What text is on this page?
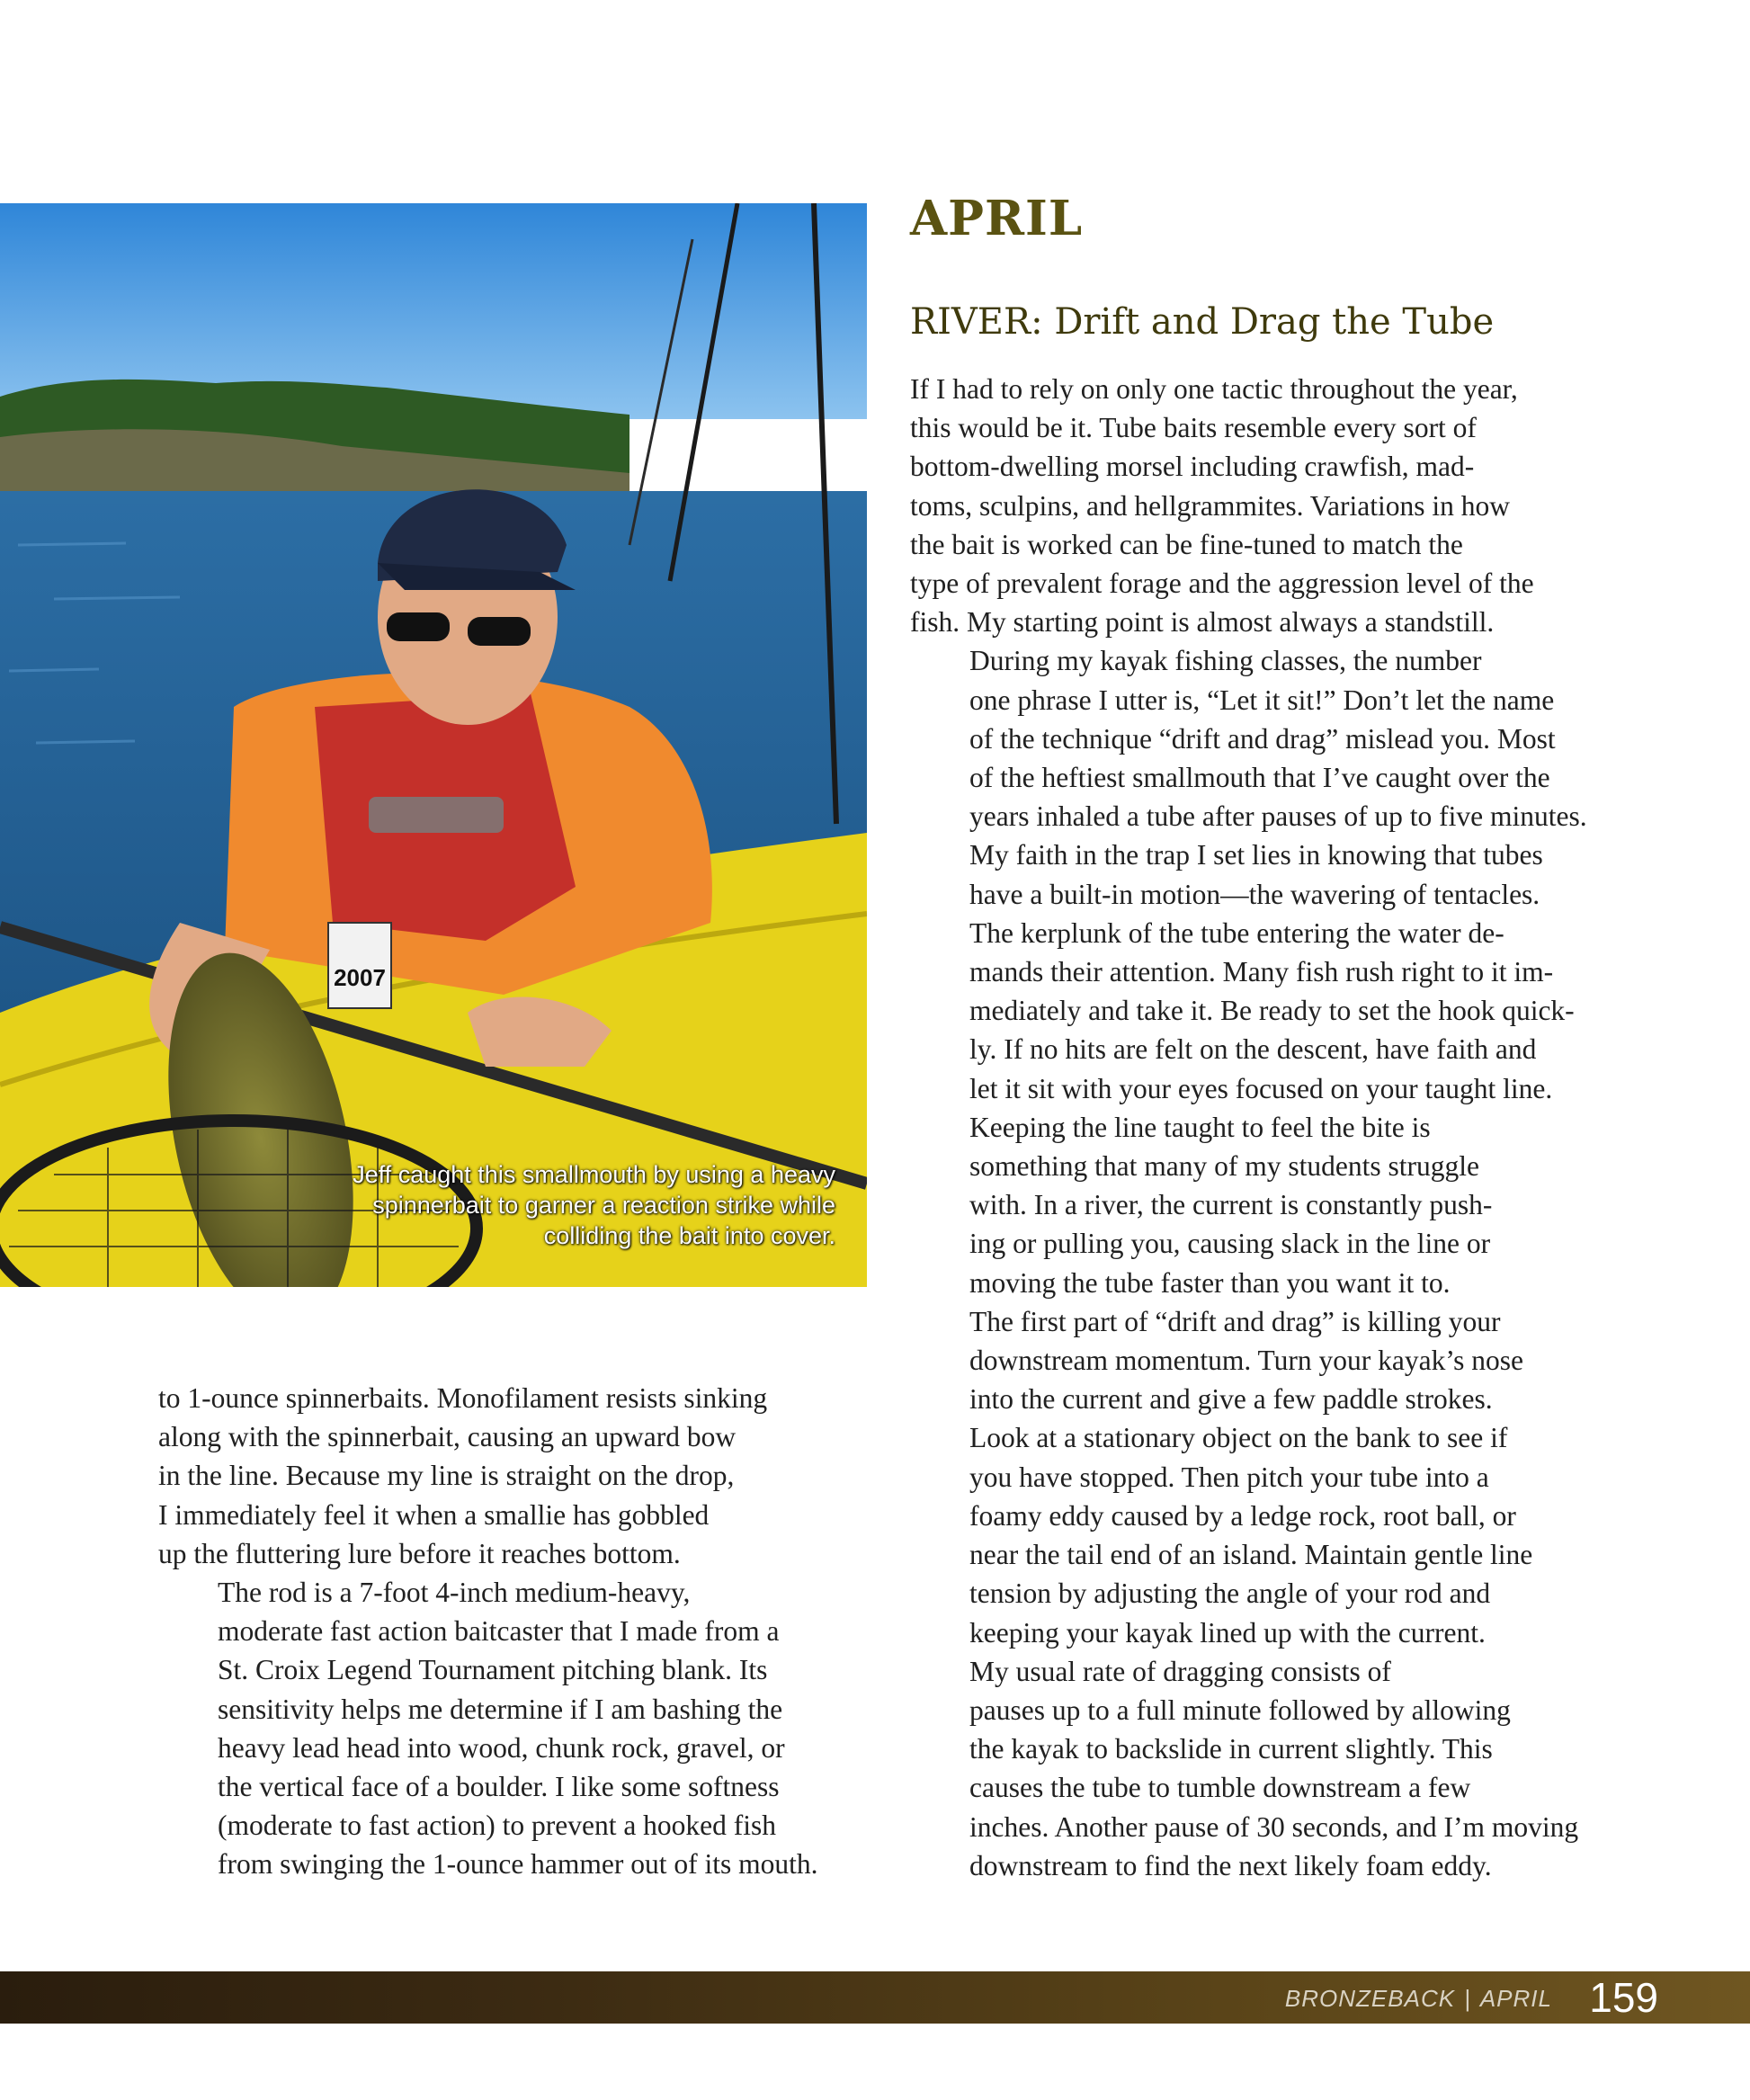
2007
Jeff caught this smallmouth by using a heavy
spinnerbait to garner a reaction strike while
colliding the bait into cover.
APRIL
RIVER: Drift and Drag the Tube

to 1-ounce spinnerbaits. Monofilament resists sinking
along with the spinnerbait, causing an upward bow
in the line. Because my line is straight on the drop,
I immediately feel it when a smallie has gobbled
up the fluttering lure before it reaches bottom.

The rod is a 7-foot 4-inch medium-heavy,
moderate fast action baitcaster that I made from a
St. Croix Legend Tournament pitching blank. Its
sensitivity helps me determine if I am bashing the
heavy lead head into wood, chunk rock, gravel, or
the vertical face of a boulder. I like some softness
(moderate to fast action) to prevent a hooked fish
from swinging the 1-ounce hammer out of its mouth.

If I had to rely on only one tactic throughout the year,
this would be it. Tube baits resemble every sort of
bottom-dwelling morsel including crawfish, mad-
toms, sculpins, and hellgrammites. Variations in how
the bait is worked can be fine-tuned to match the
type of prevalent forage and the aggression level of the
fish. My starting point is almost always a standstill.

During my kayak fishing classes, the number
one phrase I utter is, “Let it sit!” Don’t let the name
of the technique “drift and drag” mislead you. Most
of the heftiest smallmouth that I’ve caught over the
years inhaled a tube after pauses of up to five minutes.
My faith in the trap I set lies in knowing that tubes
have a built-in motion—the wavering of tentacles.

The kerplunk of the tube entering the water de-
mands their attention. Many fish rush right to it im-
mediately and take it. Be ready to set the hook quick-
ly. If no hits are felt on the descent, have faith and
let it sit with your eyes focused on your taught line.

Keeping the line taught to feel the bite is
something that many of my students struggle
with. In a river, the current is constantly push-
ing or pulling you, causing slack in the line or
moving the tube faster than you want it to.

The first part of “drift and drag” is killing your
downstream momentum. Turn your kayak’s nose
into the current and give a few paddle strokes.
Look at a stationary object on the bank to see if
you have stopped. Then pitch your tube into a
foamy eddy caused by a ledge rock, root ball, or
near the tail end of an island. Maintain gentle line
tension by adjusting the angle of your rod and
keeping your kayak lined up with the current.

My usual rate of dragging consists of
pauses up to a full minute followed by allowing
the kayak to backslide in current slightly. This
causes the tube to tumble downstream a few
inches. Another pause of 30 seconds, and I’m moving
downstream to find the next likely foam eddy.

BRONZEBACK | APRIL 159
